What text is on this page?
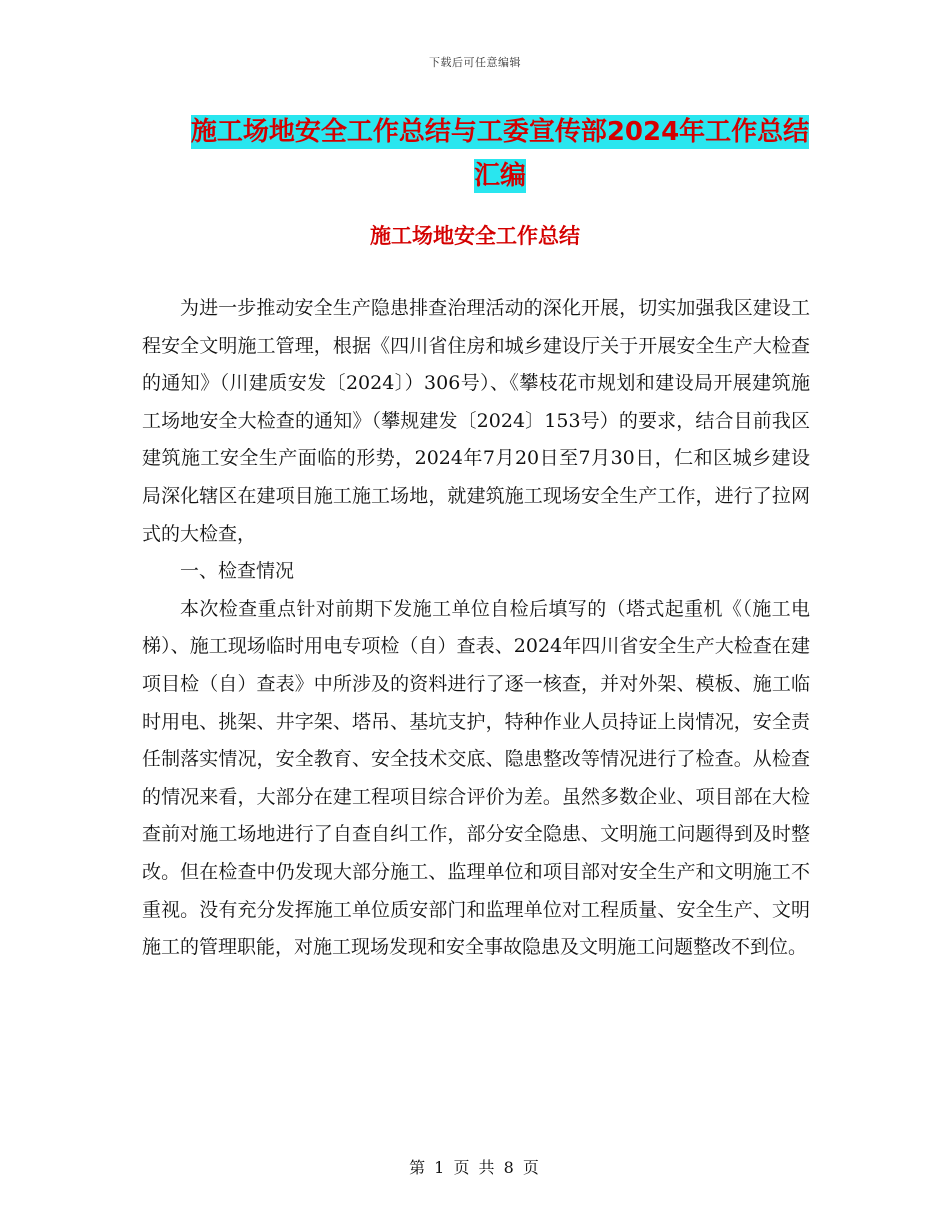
下载后可任意编辑
施工场地安全工作总结与工委宣传部2024年工作总结
汇编
施工场地安全工作总结

为进一步推动安全生产隐患排查治理活动的深化开展，切实加强我区建设工程安全文明施工管理，根据《四川省住房和城乡建设厅关于开展安全生产大检查的通知》（川建质安发〔2024〕）306号）、《攀枝花市规划和建设局开展建筑施工场地安全大检查的通知》（攀规建发〔2024〕153号）的要求，结合目前我区建筑施工安全生产面临的形势，2024年7月20日至7月30日，仁和区城乡建设局深化辖区在建项目施工施工场地，就建筑施工现场安全生产工作，进行了拉网式的大检查，

一、检查情况

本次检查重点针对前期下发施工单位自检后填写的（塔式起重机《（施工电梯）、施工现场临时用电专项检（自）查表、2024年四川省安全生产大检查在建项目检（自）查表》中所涉及的资料进行了逐一核查，并对外架、模板、施工临时用电、挑架、井字架、塔吊、基坑支护，特种作业人员持证上岗情况，安全责任制落实情况，安全教育、安全技术交底、隐患整改等情况进行了检查。从检查的情况来看，大部分在建工程项目综合评价为差。虽然多数企业、项目部在大检查前对施工场地进行了自查自纠工作，部分安全隐患、文明施工问题得到及时整改。但在检查中仍发现大部分施工、监理单位和项目部对安全生产和文明施工不重视。没有充分发挥施工单位质安部门和监理单位对工程质量、安全生产、文明施工的管理职能，对施工现场发现和安全事故隐患及文明施工问题整改不到位。

第 1 页 共 8 页
